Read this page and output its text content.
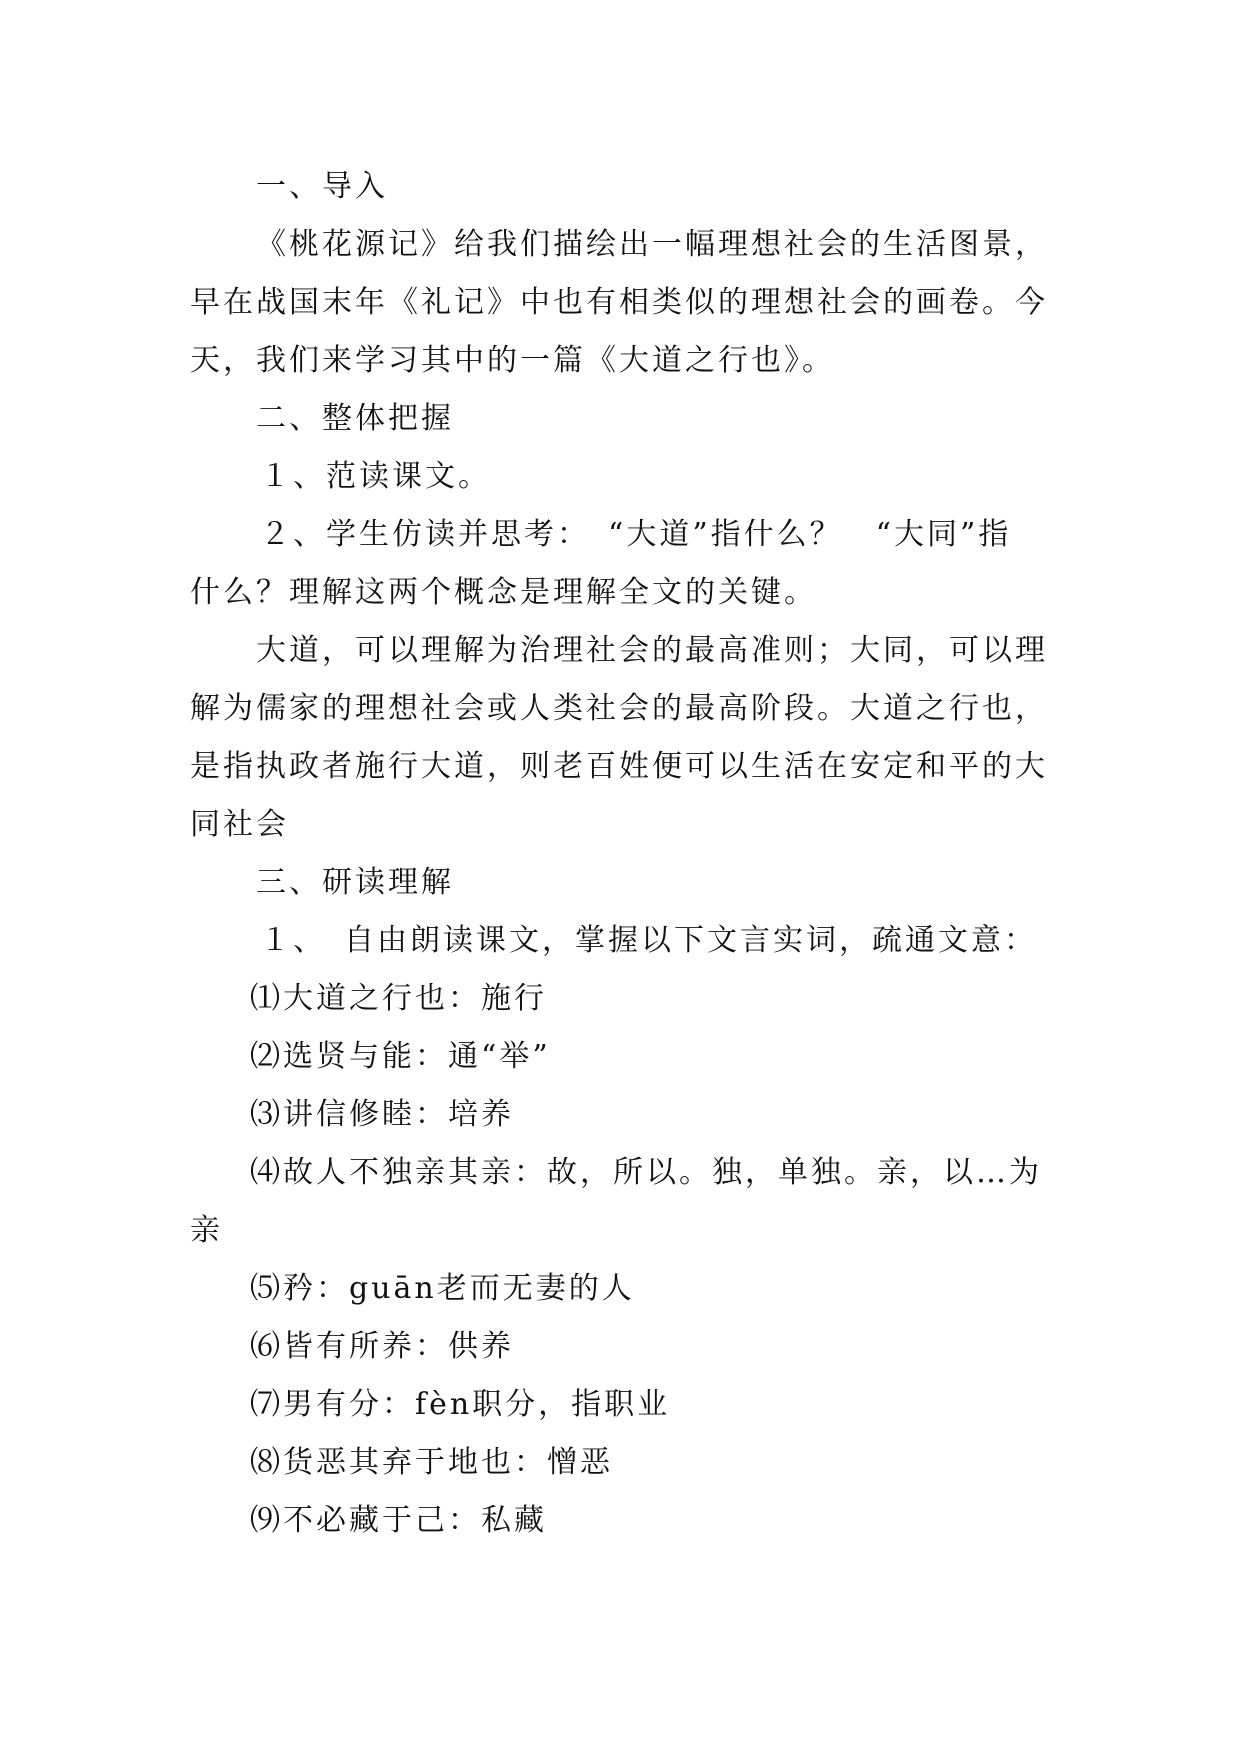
一、导入
《桃花源记》给我们描绘出一幅理想社会的生活图景，
早在战国末年《礼记》中也有相类似的理想社会的画卷。今
天，我们来学习其中的一篇《大道之行也》。
二、整体把握
１、范读课文。
２、学生仿读并思考：　“大道”指什么？　“大同”指
什么？理解这两个概念是理解全文的关键。
大道，可以理解为治理社会的最高准则；大同，可以理
解为儒家的理想社会或人类社会的最高阶段。大道之行也，
是指执政者施行大道，则老百姓便可以生活在安定和平的大
同社会
三、研读理解
１、　自由朗读课文，掌握以下文言实词，疏通文意：
⑴大道之行也：施行
⑵选贤与能：通“举”
⑶讲信修睦：培养
⑷故人不独亲其亲：故，所以。独，单独。亲，以…为
亲
⑸矜：guān老而无妻的人
⑹皆有所养：供养
⑺男有分：fèn职分，指职业
⑻货恶其弃于地也：憎恶
⑼不必藏于己：私藏
